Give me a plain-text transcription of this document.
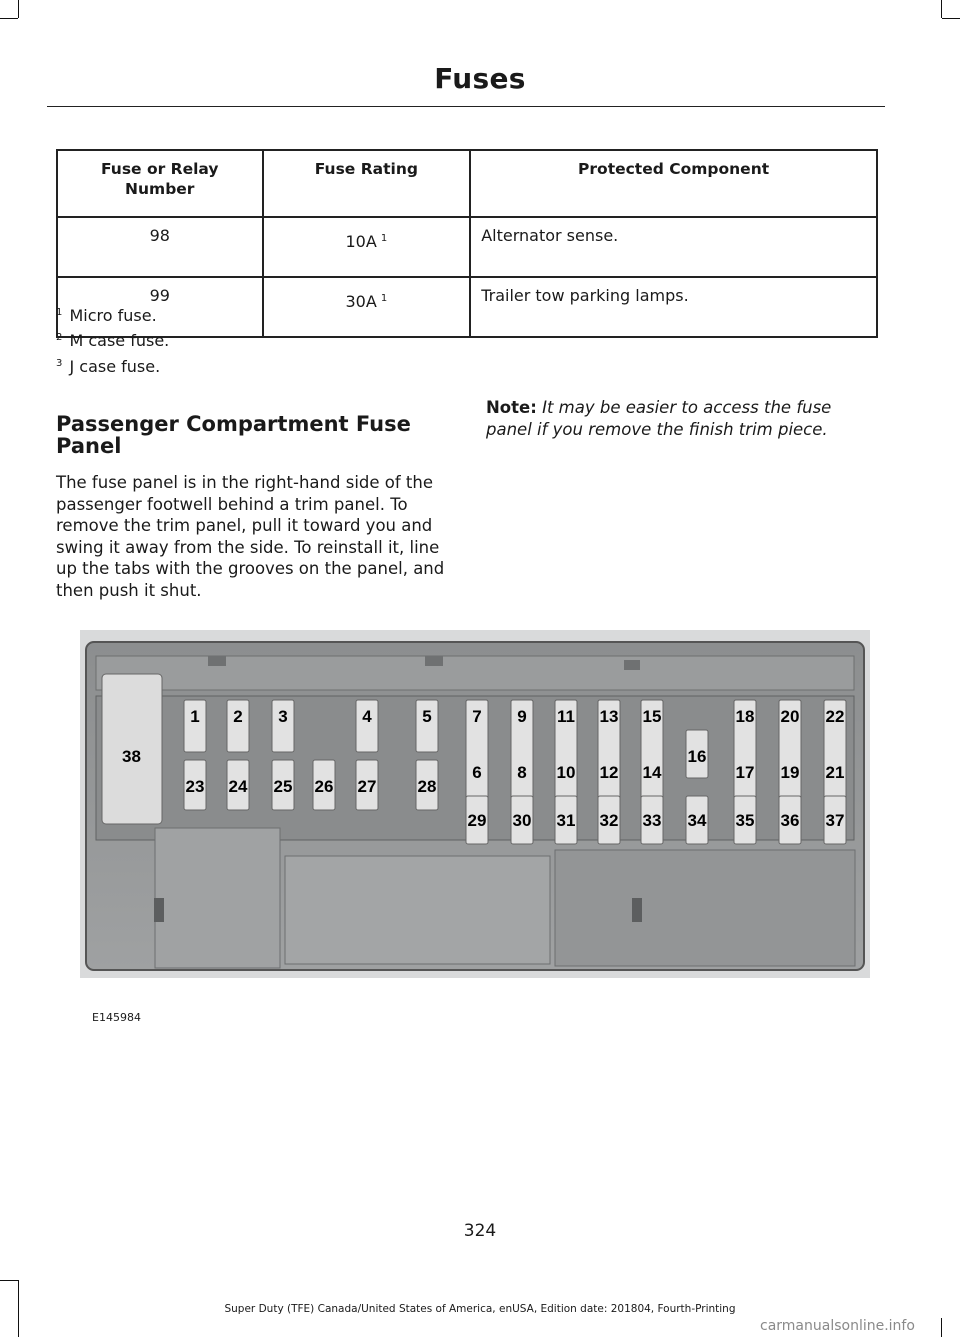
Fuses
Fuse or Relay Number	Fuse Rating	Protected Component
98	10A $^1$	Alternator sense.
99	30A $^1$	Trailer tow parking lamps.
$^1$ Micro fuse.
$^2$ M case fuse.
$^3$ J case fuse.
Passenger Compartment Fuse Panel
The fuse panel is in the right-hand side of the passenger footwell behind a trim panel. To remove the trim panel, pull it toward you and swing it away from the side. To reinstall it, line up the tabs with the grooves on the panel, and then push it shut.
Note: It may be easier to access the fuse panel if you remove the finish trim piece.
38
1 2 3	4	5 7 9 11 13 15	18 20 22
23 24 25 26 27 28
6 8 10 12 14
16
17 19 21
29 30 31 32 33 34 35 36 37
E145984
324
Super Duty (TFE) Canada/United States of America, enUSA, Edition date: 201804, Fourth-Printing
carmanualsonline.info
